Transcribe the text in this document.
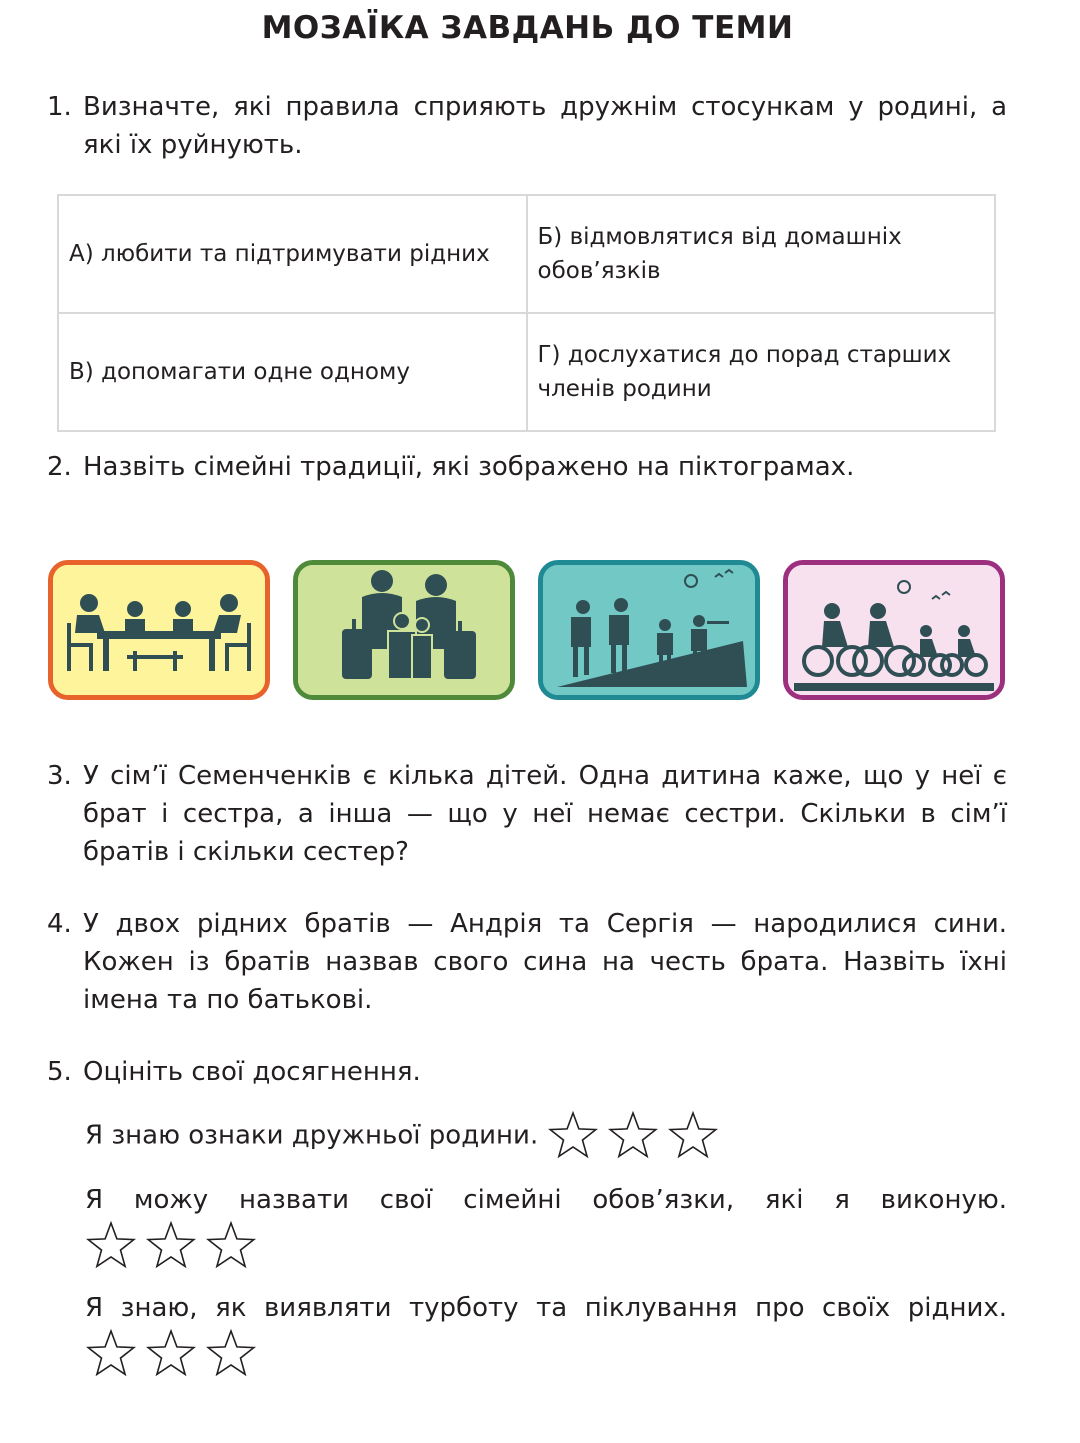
МОЗАЇКА ЗАВДАНЬ ДО ТЕМИ
1. Визначте, які правила сприяють дружнім стосункам у родині, а які їх руйнують.
А) любити та підтримувати рідних	Б) відмовлятися від домашніх обов’язків
В) допомагати одне одному	Г) дослухатися до порад старших членів родини
2. Назвіть сімейні традиції, які зображено на піктограмах.
3. У сім’ї Семенченків є кілька дітей. Одна дитина каже, що у неї є брат і сестра, а інша — що у неї немає сестри. Скільки в сім’ї братів і скільки сестер?
4. У двох рідних братів — Андрія та Сергія — народилися сини. Кожен із братів назвав свого сина на честь брата. Назвіть їхні імена та по батькові.
5. Оцініть свої досягнення.
Я знаю ознаки дружньої родини.
Я можу назвати свої сімейні обов’язки, які я виконую.
Я знаю, як виявляти турботу та піклування про своїх рідних.
